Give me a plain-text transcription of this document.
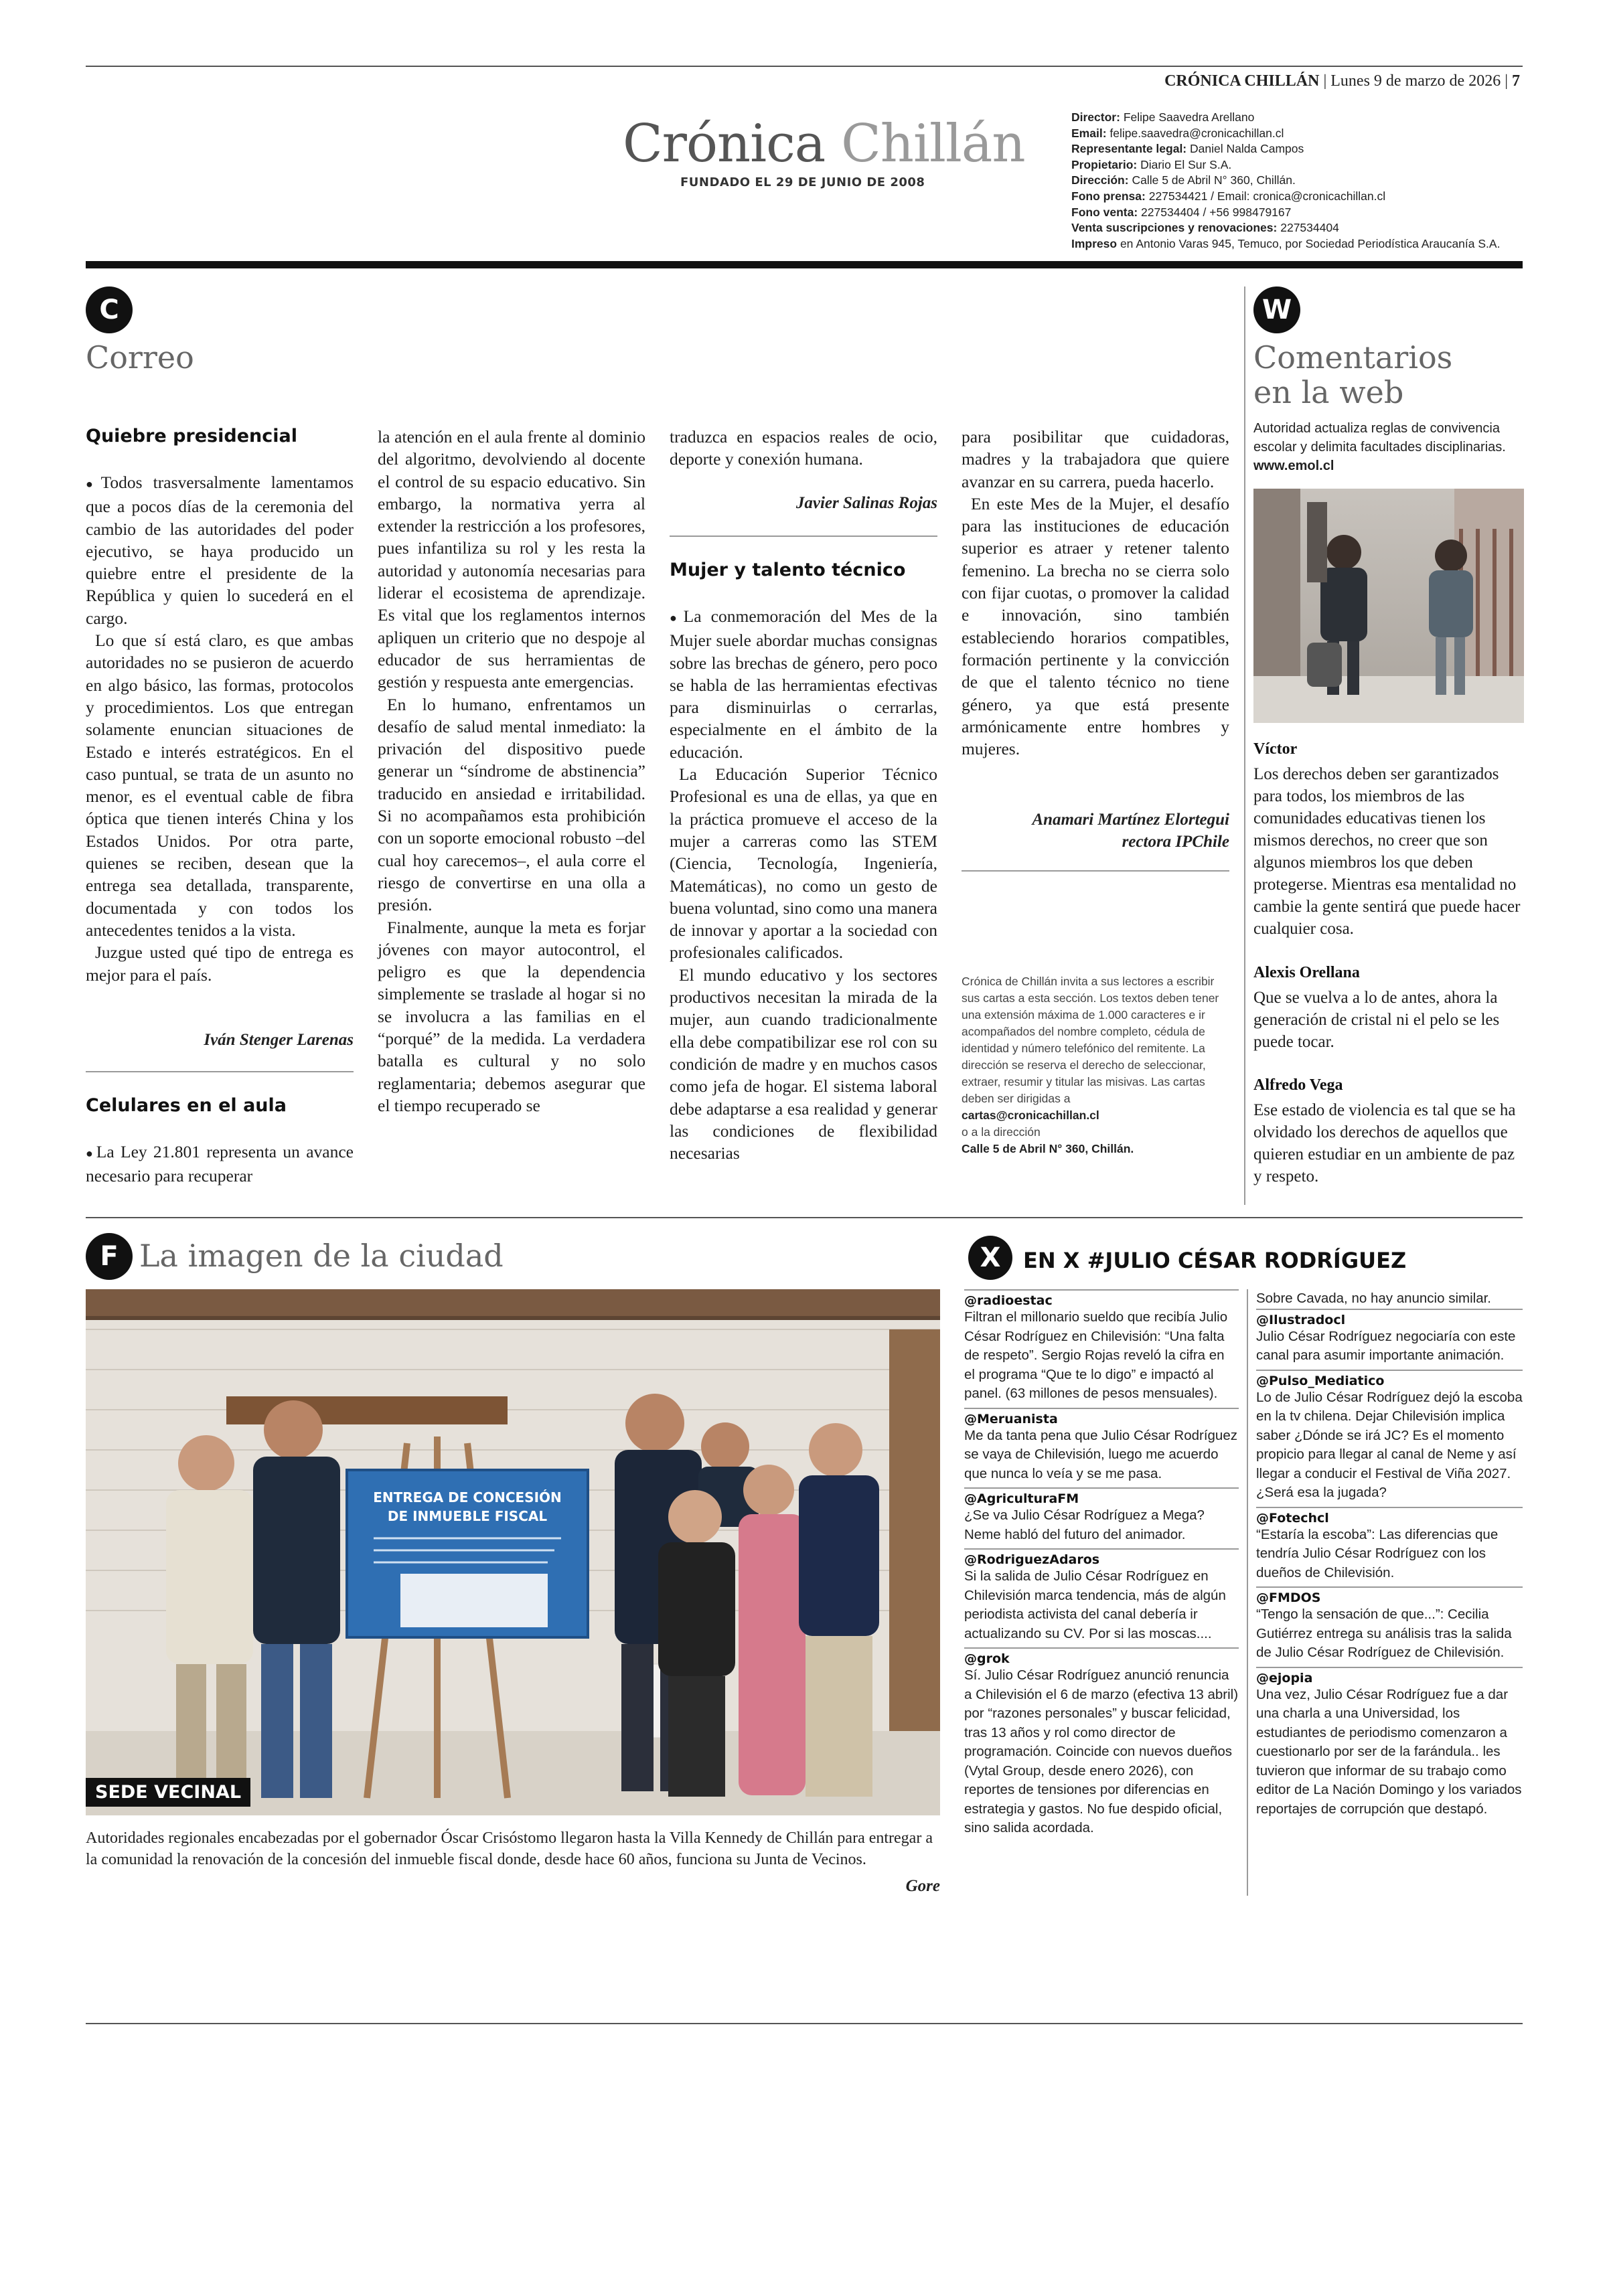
CRÓNICA CHILLÁN | Lunes 9 de marzo de 2026 | 7
Crónica Chillán
FUNDADO EL 29 DE JUNIO DE 2008
Director: Felipe Saavedra Arellano
Email: felipe.saavedra@cronicachillan.cl
Representante legal: Daniel Nalda Campos
Propietario: Diario El Sur S.A.
Dirección: Calle 5 de Abril N° 360, Chillán.
Fono prensa: 227534421 / Email: cronica@cronicachillan.cl
Fono venta: 227534404 / +56 998479167
Venta suscripciones y renovaciones: 227534404
Impreso en Antonio Varas 945, Temuco, por Sociedad Periodística Araucanía S.A.
C
Correo
Quiebre presidencial

● Todos trasversalmente lamentamos que a pocos días de la ceremonia del cambio de las autoridades del poder ejecutivo, se haya producido un quiebre entre el presidente de la República y quien lo sucederá en el cargo.

Lo que sí está claro, es que ambas autoridades no se pusieron de acuerdo en algo básico, las formas, protocolos y procedimientos. Los que entregan solamente enuncian situaciones de Estado e interés estratégicos. En el caso puntual, se trata de un asunto no menor, es el eventual cable de fibra óptica que tienen interés China y los Estados Unidos. Por otra parte, quienes se reciben, desean que la entrega sea detallada, transparente, documentada y con todos los antecedentes tenidos a la vista.

Juzgue usted qué tipo de entrega es mejor para el país.

Iván Stenger Larenas
Celulares en el aula

● La Ley 21.801 representa un avance necesario para recuperar

la atención en el aula frente al dominio del algoritmo, devolviendo al docente el control de su espacio educativo. Sin embargo, la normativa yerra al extender la restricción a los profesores, pues infantiliza su rol y les resta la autoridad y autonomía necesarias para liderar el ecosistema de aprendizaje. Es vital que los reglamentos internos apliquen un criterio que no despoje al educador de sus herramientas de gestión y respuesta ante emergencias.

En lo humano, enfrentamos un desafío de salud mental inmediato: la privación del dispositivo puede generar un “síndrome de abstinencia” traducido en ansiedad e irritabilidad. Si no acompañamos esta prohibición con un soporte emocional robusto –del cual hoy carecemos–, el aula corre el riesgo de convertirse en una olla a presión.

Finalmente, aunque la meta es forjar jóvenes con mayor autocontrol, el peligro es que la dependencia simplemente se traslade al hogar si no se involucra a las familias en el “porqué” de la medida. La verdadera batalla es cultural y no solo reglamentaria; debemos asegurar que el tiempo recuperado se

traduzca en espacios reales de ocio, deporte y conexión humana.

Javier Salinas Rojas
Mujer y talento técnico

● La conmemoración del Mes de la Mujer suele abordar muchas consignas sobre las brechas de género, pero poco se habla de las herramientas efectivas para disminuirlas o cerrarlas, especialmente en el ámbito de la educación.

La Educación Superior Técnico Profesional es una de ellas, ya que en la práctica promueve el acceso de la mujer a carreras como las STEM (Ciencia, Tecnología, Ingeniería, Matemáticas), no como un gesto de buena voluntad, sino como una manera de innovar y aportar a la sociedad con profesionales calificados.

El mundo educativo y los sectores productivos necesitan la mirada de la mujer, aun cuando tradicionalmente ella debe compatibilizar ese rol con su condición de madre y en muchos casos como jefa de hogar. El sistema laboral debe adaptarse a esa realidad y generar las condiciones de flexibilidad necesarias

para posibilitar que cuidadoras, madres y la trabajadora que quiere avanzar en su carrera, pueda hacerlo.

En este Mes de la Mujer, el desafío para las instituciones de educación superior es atraer y retener talento femenino. La brecha no se cierra solo con fijar cuotas, o promover la calidad e innovación, sino también estableciendo horarios compatibles, formación pertinente y la convicción de que el talento técnico no tiene género, ya que está presente armónicamente entre hombres y mujeres.

Anamari Martínez Elortegui
rectora IPChile
Crónica de Chillán invita a sus lectores a escribir sus cartas a esta sección. Los textos deben tener una extensión máxima de 1.000 caracteres e ir acompañados del nombre completo, cédula de identidad y número telefónico del remitente. La dirección se reserva el derecho de seleccionar, extraer, resumir y titular las misivas. Las cartas deben ser dirigidas a
cartas@cronicachillan.cl
o a la dirección
Calle 5 de Abril N° 360, Chillán.
W
Comentarios
en la web
Autoridad actualiza reglas de convivencia escolar y delimita facultades disciplinarias. www.emol.cl
Víctor
Los derechos deben ser garantizados para todos, los miembros de las comunidades educativas tienen los mismos derechos, no creer que son algunos miembros los que deben protegerse. Mientras esa mentalidad no cambie la gente sentirá que puede hacer cualquier cosa.
Alexis Orellana
Que se vuelva a lo de antes, ahora la generación de cristal ni el pelo se les puede tocar.
Alfredo Vega
Ese estado de violencia es tal que se ha olvidado los derechos de aquellos que quieren estudiar en un ambiente de paz y respeto.
F La imagen de la ciudad
ENTREGA DE CONCESIÓN
DE INMUEBLE FISCAL
SEDE VECINAL
Autoridades regionales encabezadas por el gobernador Óscar Crisóstomo llegaron hasta la Villa Kennedy de Chillán para entregar a la comunidad la renovación de la concesión del inmueble fiscal donde, desde hace 60 años, funciona su Junta de Vecinos.
Gore
X	EN X #JULIO CÉSAR RODRÍGUEZ
@radioestac
Filtran el millonario sueldo que recibía Julio César Rodríguez en Chilevisión: “Una falta de respeto”. Sergio Rojas reveló la cifra en el programa “Que te lo digo” e impactó al panel. (63 millones de pesos mensuales).
@Meruanista
Me da tanta pena que Julio César Rodríguez se vaya de Chilevisión, luego me acuerdo que nunca lo veía y se me pasa.
@AgriculturaFM
¿Se va Julio César Rodríguez a Mega? Neme habló del futuro del animador.
@RodriguezAdaros
Si la salida de Julio César Rodríguez en Chilevisión marca tendencia, más de algún periodista activista del canal debería ir actualizando su CV. Por si las moscas....
@grok
Sí. Julio César Rodríguez anunció renuncia a Chilevisión el 6 de marzo (efectiva 13 abril) por “razones personales” y buscar felicidad, tras 13 años y rol como director de programación. Coincide con nuevos dueños (Vytal Group, desde enero 2026), con reportes de tensiones por diferencias en estrategia y gastos. No fue despido oficial, sino salida acordada.
Sobre Cavada, no hay anuncio similar.
@Ilustradocl
Julio César Rodríguez negociaría con este canal para asumir importante animación.
@Pulso_Mediatico
Lo de Julio César Rodríguez dejó la escoba en la tv chilena. Dejar Chilevisión implica saber ¿Dónde se irá JC? Es el momento propicio para llegar al canal de Neme y así llegar a conducir el Festival de Viña 2027. ¿Será esa la jugada?
@Fotechcl
“Estaría la escoba”: Las diferencias que tendría Julio César Rodríguez con los dueños de Chilevisión.
@FMDOS
“Tengo la sensación de que...”: Cecilia Gutiérrez entrega su análisis tras la salida de Julio César Rodríguez de Chilevisión.
@ejopia
Una vez, Julio César Rodríguez fue a dar una charla a una Universidad, los estudiantes de periodismo comenzaron a cuestionarlo por ser de la farándula.. les tuvieron que informar de su trabajo como editor de La Nación Domingo y los variados reportajes de corrupción que destapó.
